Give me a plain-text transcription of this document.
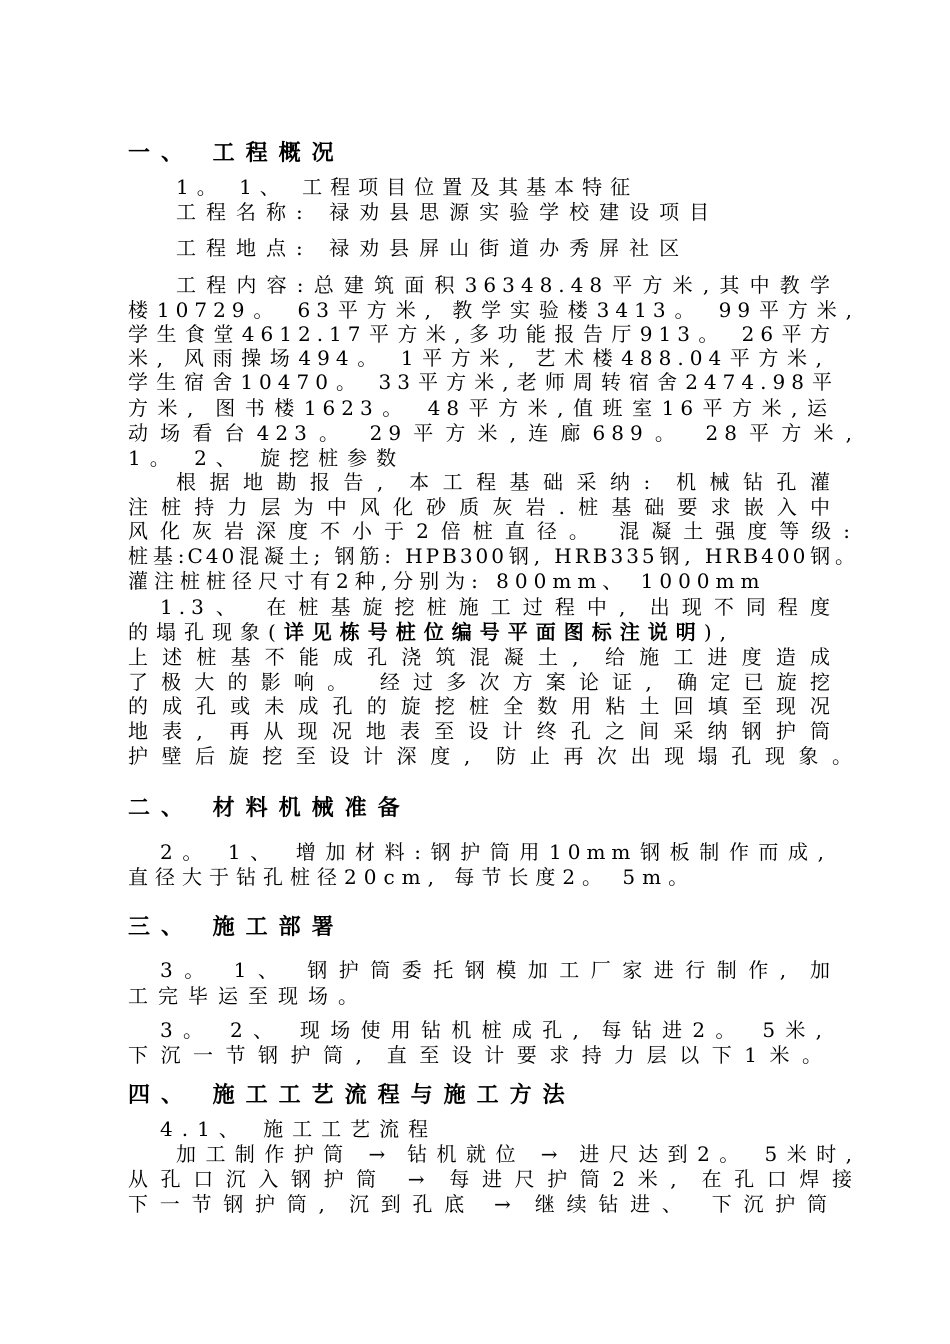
一、 工程概况
1。 1、 工程项目位置及其基本特征
工程名称: 禄劝县思源实验学校建设项目
工程地点: 禄劝县屏山街道办秀屏社区
工程内容:总建筑面积36348.48平方米,其中教学
楼10729。 63平方米, 教学实验楼3413。 99平方米,
学生食堂4612.17平方米,多功能报告厅913。 26平方
米, 风雨操场494。 1平方米, 艺术楼488.04平方米,
学生宿舍10470。 33平方米,老师周转宿舍2474.98平
方米, 图书楼1623。 48平方米,值班室16平方米,运
动场看台423。 29平方米,连廊689。 28平方米,
1。 2、 旋挖桩参数
根据地勘报告, 本工程基础采纳: 机械钻孔灌
注桩持力层为中风化砂质灰岩.桩基础要求嵌入中
风化灰岩深度不小于2倍桩直径。 混凝土强度等级:
桩基:C40混凝土; 钢筋: HPB300钢, HRB335钢, HRB400钢。
灌注桩桩径尺寸有2种,分别为: 800mm、 1000mm
1.3、 在桩基旋挖桩施工过程中, 出现不同程度
的塌孔现象(详见栋号桩位编号平面图标注说明),
上述桩基不能成孔浇筑混凝土, 给施工进度造成
了极大的影响。 经过多次方案论证, 确定已旋挖
的成孔或未成孔的旋挖桩全数用粘土回填至现况
地表, 再从现况地表至设计终孔之间采纳钢护筒
护壁后旋挖至设计深度, 防止再次出现塌孔现象。
二、 材料机械准备
2。 1、 增加材料:钢护筒用10mm钢板制作而成,
直径大于钻孔桩径20cm, 每节长度2。 5m。
三、 施工部署
3。 1、 钢护筒委托钢模加工厂家进行制作, 加
工完毕运至现场。
3。 2、 现场使用钻机桩成孔, 每钻进2。 5米,
下沉一节钢护筒, 直至设计要求持力层以下1米。
四、 施工工艺流程与施工方法
4.1、 施工工艺流程
加工制作护筒 → 钻机就位 → 进尺达到2。 5米时,
从孔口沉入钢护筒 → 每进尺护筒2米, 在孔口焊接
下一节钢护筒, 沉到孔底 → 继续钻进、 下沉护筒
